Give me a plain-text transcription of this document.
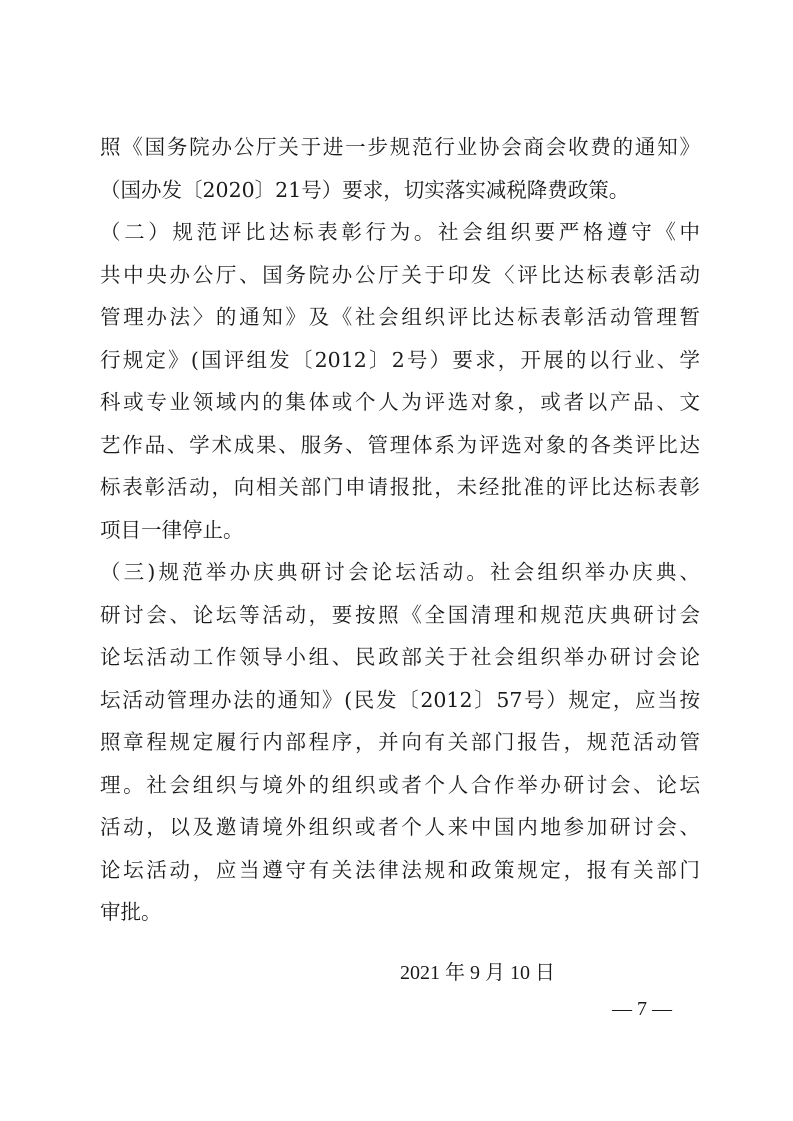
照《国务院办公厅关于进一步规范行业协会商会收费的通知》
（国办发〔2020〕21号）要求，切实落实减税降费政策。
（二）规范评比达标表彰行为。社会组织要严格遵守《中
共中央办公厅、国务院办公厅关于印发〈评比达标表彰活动
管理办法〉的通知》及《社会组织评比达标表彰活动管理暂
行规定》(国评组发〔2012〕2号）要求，开展的以行业、学
科或专业领域内的集体或个人为评选对象，或者以产品、文
艺作品、学术成果、服务、管理体系为评选对象的各类评比达
标表彰活动，向相关部门申请报批，未经批准的评比达标表彰
项目一律停止。
（三)规范举办庆典研讨会论坛活动。社会组织举办庆典、
研讨会、论坛等活动，要按照《全国清理和规范庆典研讨会
论坛活动工作领导小组、民政部关于社会组织举办研讨会论
坛活动管理办法的通知》(民发〔2012〕57号）规定，应当按
照章程规定履行内部程序，并向有关部门报告，规范活动管
理。社会组织与境外的组织或者个人合作举办研讨会、论坛
活动，以及邀请境外组织或者个人来中国内地参加研讨会、
论坛活动，应当遵守有关法律法规和政策规定，报有关部门
审批。
2021 年 9 月 10 日
— 7 —
